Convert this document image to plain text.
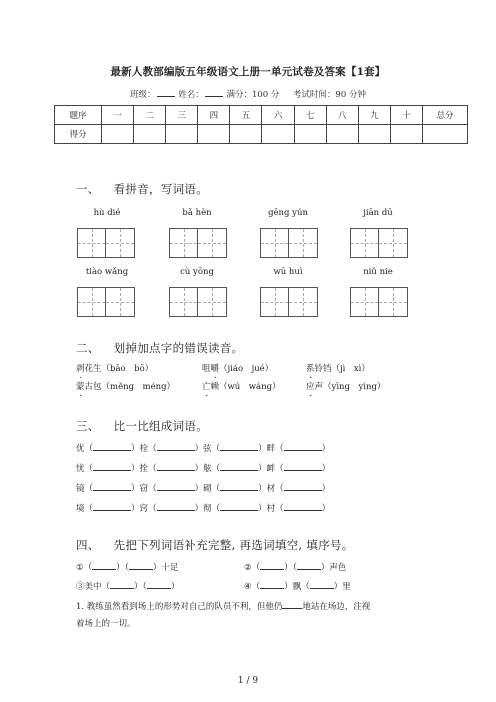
最新人教部编版五年级语文上册一单元试卷及答案【1套】
班级：	姓名：	满分：100 分 考试时间：90 分钟
题序	一	二	三	四	五	六	七	八	九	十	总分
得分											
一、 看拼音，写词语。
hù dié	bǎ hèn	gēng yún	jiān dū
tiào wǎng	cù yōng	wū huì	niǔ nie
二、 划掉加点字的错误读音。
剥花生（bāo　bō）	咀嚼（jiáo　jué）	系铃铛（jì　xì）
蒙古包（měng　méng）	亡赖（wú　wáng）	应声（yīng　yìng）
三、 比一比组成词语。
优（	）栓（	）弦（	）畔（	）
忧（	）拴（	）舷（	）衅（	）
镜（	）窃（	）砌（	）材（	）
境（	）窍（	）彻（	）村（	）
四、 先把下列词语补充完整, 再选词填空, 填序号。
①（	）（	）十足	②（	）（	）声色
③美中（	）（	）	④（	）飘（	）里
1. 教练虽然看到场上的形势对自己的队员不利，但他仍 地站在场边，注视
着场上的一切。
1 / 9
